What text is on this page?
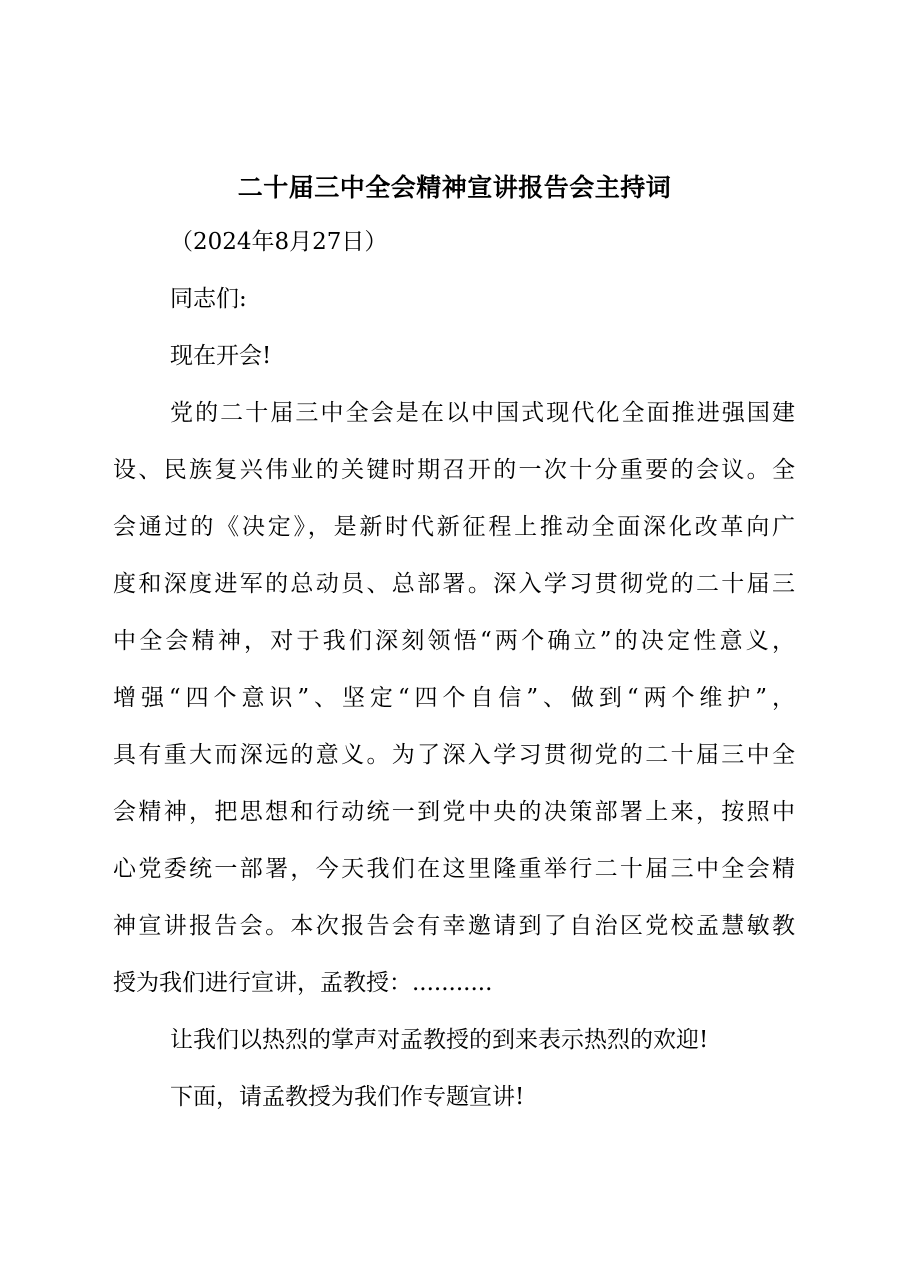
二十届三中全会精神宣讲报告会主持词
（2024年8月27日）
同志们:
现在开会!
党的二十届三中全会是在以中国式现代化全面推进强国建
设、民族复兴伟业的关键时期召开的一次十分重要的会议。全
会通过的《决定》，是新时代新征程上推动全面深化改革向广
度和深度进军的总动员、总部署。深入学习贯彻党的二十届三
中全会精神，对于我们深刻领悟“两个确立”的决定性意义，
增强“四个意识”、坚定“四个自信”、做到“两个维护”，
具有重大而深远的意义。为了深入学习贯彻党的二十届三中全
会精神，把思想和行动统一到党中央的决策部署上来，按照中
心党委统一部署，今天我们在这里隆重举行二十届三中全会精
神宣讲报告会。本次报告会有幸邀请到了自治区党校孟慧敏教
授为我们进行宣讲，孟教授：...........
让我们以热烈的掌声对孟教授的到来表示热烈的欢迎!
下面，请孟教授为我们作专题宣讲!
